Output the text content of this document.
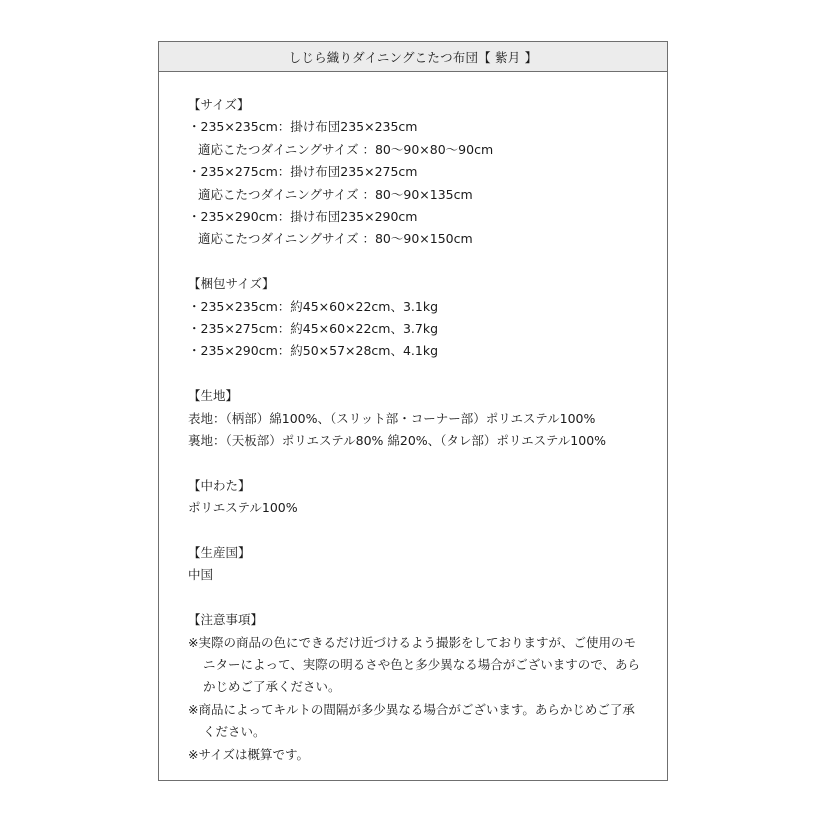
しじら織りダイニングこたつ布団【 紫月 】
【サイズ】
・235×235cm：掛け布団235×235cm
適応こたつダイニングサイズ ：80～90×80～90cm
・235×275cm：掛け布団235×275cm
適応こたつダイニングサイズ ：80～90×135cm
・235×290cm：掛け布団235×290cm
適応こたつダイニングサイズ ：80～90×150cm
【梱包サイズ】
・235×235cm：約45×60×22cm、3.1kg
・235×275cm：約45×60×22cm、3.7kg
・235×290cm：約50×57×28cm、4.1kg
【生地】
表地：（柄部）綿100%、（スリット部・コーナー部）ポリエステル100%
裏地：（天板部）ポリエステル80% 綿20%、（タレ部）ポリエステル100%
【中わた】
ポリエステル100%
【生産国】
中国
【注意事項】
※実際の商品の色にできるだけ近づけるよう撮影をしておりますが、ご使用のモニターによって、実際の明るさや色と多少異なる場合がございますので、あらかじめご了承ください。
※商品によってキルトの間隔が多少異なる場合がございます。あらかじめご了承ください。
※サイズは概算です。
